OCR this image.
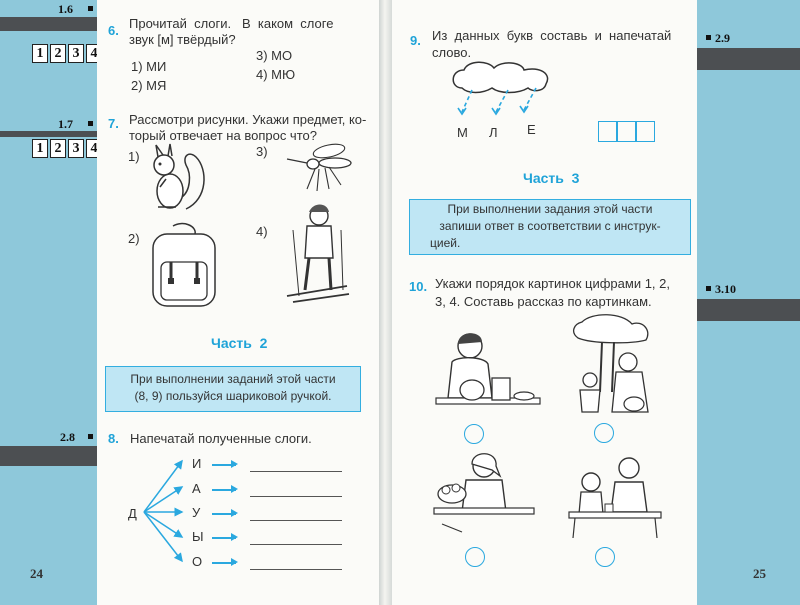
1.6
1 2 3 4
1.7
1 2 3 4
2.8
2.9
3.10
6. Прочитай  слоги.   В  каком  слоге
звук [м] твёрдый?
1) МИ
2) МЯ
3) МО
4) МЮ
7. Рассмотри рисунки. Укажи предмет, ко-
торый отвечает на вопрос что?
1)	3)
2)	4)
Часть  2
При выполнении заданий этой части
(8, 9) пользуйся шариковой ручкой.
8. Напечатай полученные слоги.
Д
И
А
У
Ы
О
24
9. Из  данных  букв  составь  и  напечатай
слово.
М Л Е
Часть  3
При выполнении задания этой части
запиши ответ в соответствии с инструк-
цией.
10. Укажи порядок картинок цифрами 1, 2,
3, 4. Составь рассказ по картинкам.
25
